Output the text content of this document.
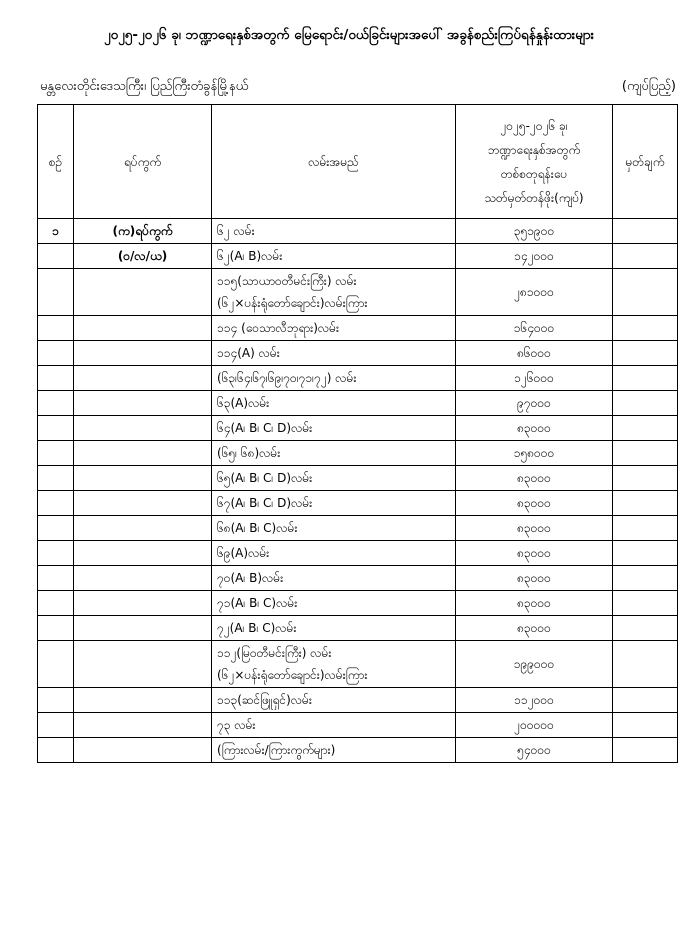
၂၀၂၅-၂၀၂၆ ခု၊ ဘဏ္ဍာရေးနှစ်အတွက် မြေရောင်း/ဝယ်ခြင်းများအပေါ် အခွန်စည်းကြပ်ရန်နှုန်းထားများ
မန္တလေးတိုင်းဒေသကြီး၊ ပြည်ကြီးတံခွန်မြို့နယ်	(ကျပ်ပြည့်)
စဉ်	ရပ်ကွက်	လမ်းအမည်	၂၀၂၅-၂၀၂၆ ခု၊
ဘဏ္ဍာရေးနှစ်အတွက်
တစ်စတုရန်းပေ
သတ်မှတ်တန်ဖိုး(ကျပ်)	မှတ်ချက်
၁	(က)ရပ်ကွက်	၆၂ လမ်း	၃၅၁၉၀၀	
	(ဝ/လ/ယ)	၆၂(A၊ B)လမ်း	၁၄၂၀၀၀	

		၁၁၅(သာယာဝတီမင်းကြီး) လမ်း
(၆၂×ပန်းရုံတော်ချောင်း)လမ်းကြား	၂၈၁၀၀၀	

		၁၁၄ (ဝေသာလီဘုရား)လမ်း	၁၆၄၀၀၀	

		၁၁၄(A) လမ်း	၈၆၀၀၀	

		(၆၃၊၆၄၊၆၇၊၆၉၊၇၀၊၇၁၊၇၂) လမ်း	၁၂၆၀၀၀	

		၆၃(A)လမ်း	၉၇၀၀၀	

		၆၄(A၊ B၊ C၊ D)လမ်း	၈၃၀၀၀	

		(၆၅၊ ၆၈)လမ်း	၁၅၈၀၀၀	

		၆၅(A၊ B၊ C၊ D)လမ်း	၈၃၀၀၀	

		၆၇(A၊ B၊ C၊ D)လမ်း	၈၃၀၀၀	

		၆၈(A၊ B၊ C)လမ်း	၈၃၀၀၀	

		၆၉(A)လမ်း	၈၃၀၀၀	

		၇၀(A၊ B)လမ်း	၈၃၀၀၀	

		၇၁(A၊ B၊ C)လမ်း	၈၃၀၀၀	

		၇၂(A၊ B၊ C)လမ်း	၈၃၀၀၀	

		၁၁၂(မြဝတီမင်းကြီး) လမ်း
(၆၂×ပန်းရုံတော်ချောင်း)လမ်းကြား	၁၉၉၀၀၀	

		၁၁၃(ဆင်ဖြူရှင်)လမ်း	၁၁၂၀၀၀	

		၇၃ လမ်း	၂၀၀၀၀၀	

		(ကြားလမ်း/ကြားကွက်များ)	၅၄၀၀၀	
